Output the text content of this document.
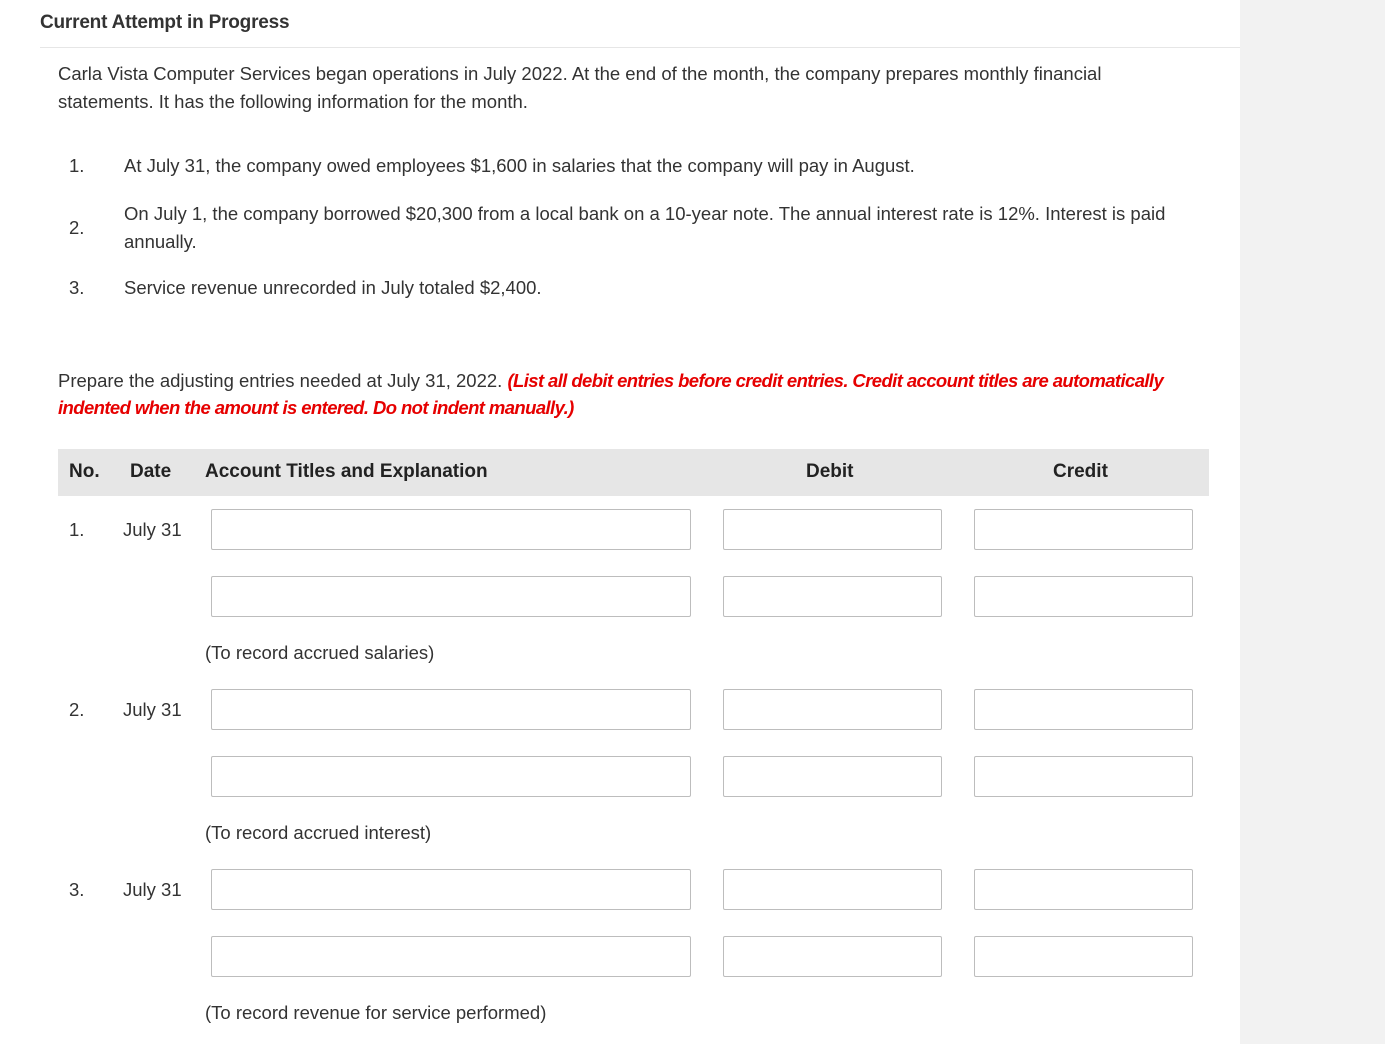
Current Attempt in Progress
Carla Vista Computer Services began operations in July 2022. At the end of the month, the company prepares monthly financial statements. It has the following information for the month.
1. At July 31, the company owed employees $1,600 in salaries that the company will pay in August.
2.
On July 1, the company borrowed $20,300 from a local bank on a 10-year note. The annual interest rate is 12%. Interest is paid annually.
3. Service revenue unrecorded in July totaled $2,400.
Prepare the adjusting entries needed at July 31, 2022. (List all debit entries before credit entries. Credit account titles are automatically indented when the amount is entered. Do not indent manually.)
No. Date Account Titles and Explanation	Debit	Credit
1. July 31
(To record accrued salaries)
2. July 31
(To record accrued interest)
3. July 31
(To record revenue for service performed)
